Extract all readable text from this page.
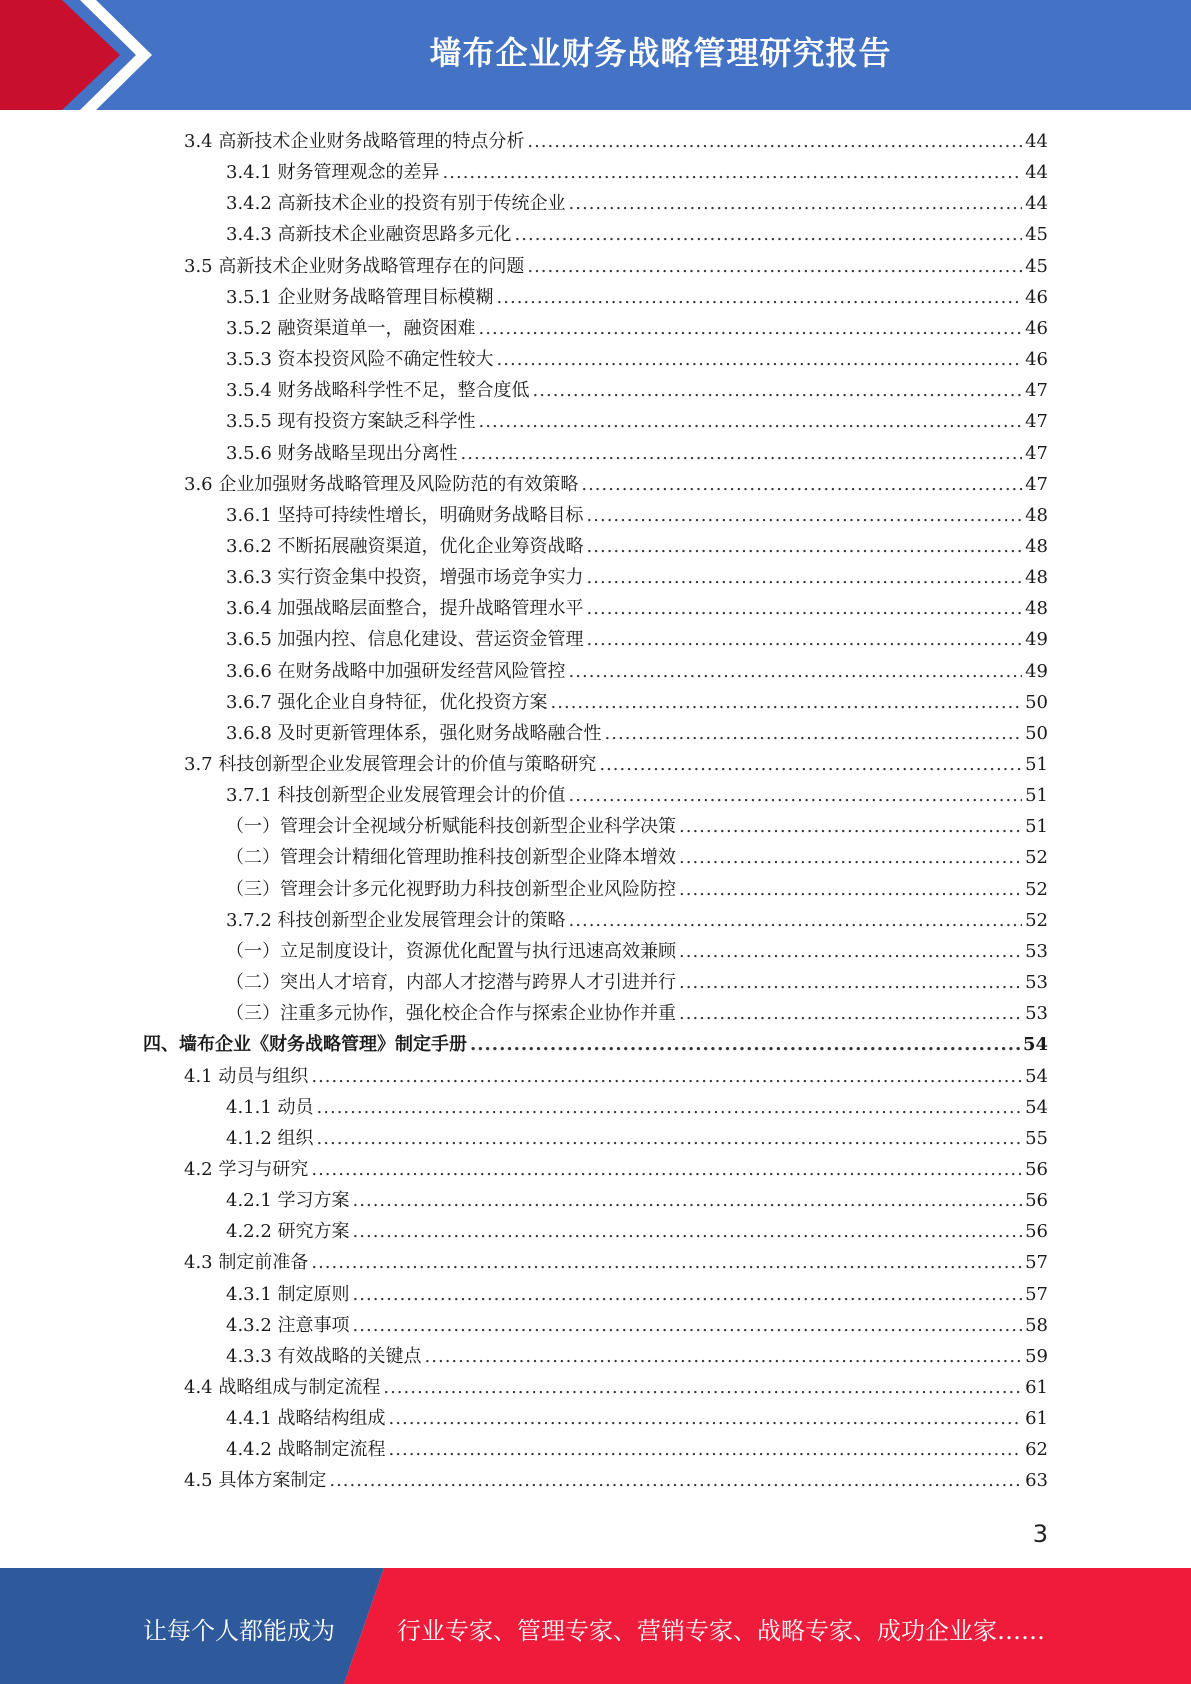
墙布企业财务战略管理研究报告
3.4 高新技术企业财务战略管理的特点分析 .....	44
3.4.1 财务管理观念的差异 .....	44
3.4.2 高新技术企业的投资有别于传统企业 .....	44
3.4.3 高新技术企业融资思路多元化 .....	45
3.5 高新技术企业财务战略管理存在的问题 .....	45
3.5.1 企业财务战略管理目标模糊 .....	46
3.5.2 融资渠道单一，融资困难 .....	46
3.5.3 资本投资风险不确定性较大 .....	46
3.5.4 财务战略科学性不足，整合度低 .....	47
3.5.5 现有投资方案缺乏科学性 .....	47
3.5.6 财务战略呈现出分离性 .....	47
3.6 企业加强财务战略管理及风险防范的有效策略 .....	47
3.6.1 坚持可持续性增长，明确财务战略目标 .....	48
3.6.2 不断拓展融资渠道，优化企业筹资战略 .....	48
3.6.3 实行资金集中投资，增强市场竞争实力 .....	48
3.6.4 加强战略层面整合，提升战略管理水平 .....	48
3.6.5 加强内控、信息化建设、营运资金管理 .....	49
3.6.6 在财务战略中加强研发经营风险管控 .....	49
3.6.7 强化企业自身特征，优化投资方案 .....	50
3.6.8 及时更新管理体系，强化财务战略融合性 .....	50
3.7 科技创新型企业发展管理会计的价值与策略研究 .....	51
3.7.1 科技创新型企业发展管理会计的价值 .....	51
（一）管理会计全视域分析赋能科技创新型企业科学决策 .....	51
（二）管理会计精细化管理助推科技创新型企业降本增效 .....	52
（三）管理会计多元化视野助力科技创新型企业风险防控 .....	52
3.7.2 科技创新型企业发展管理会计的策略 .....	52
（一）立足制度设计，资源优化配置与执行迅速高效兼顾 .....	53
（二）突出人才培育，内部人才挖潜与跨界人才引进并行 .....	53
（三）注重多元协作，强化校企合作与探索企业协作并重 .....	53
四、墙布企业《财务战略管理》制定手册 .....	54
4.1 动员与组织 .....	54
4.1.1 动员 .....	54
4.1.2 组织 .....	55
4.2 学习与研究 .....	56
4.2.1 学习方案 .....	56
4.2.2 研究方案 .....	56
4.3 制定前准备 .....	57
4.3.1 制定原则 .....	57
4.3.2 注意事项 .....	58
4.3.3 有效战略的关键点 .....	59
4.4 战略组成与制定流程 .....	61
4.4.1 战略结构组成 .....	61
4.4.2 战略制定流程 .....	62
4.5 具体方案制定 .....	63
3
让每个人都能成为	行业专家、管理专家、营销专家、战略专家、成功企业家……
